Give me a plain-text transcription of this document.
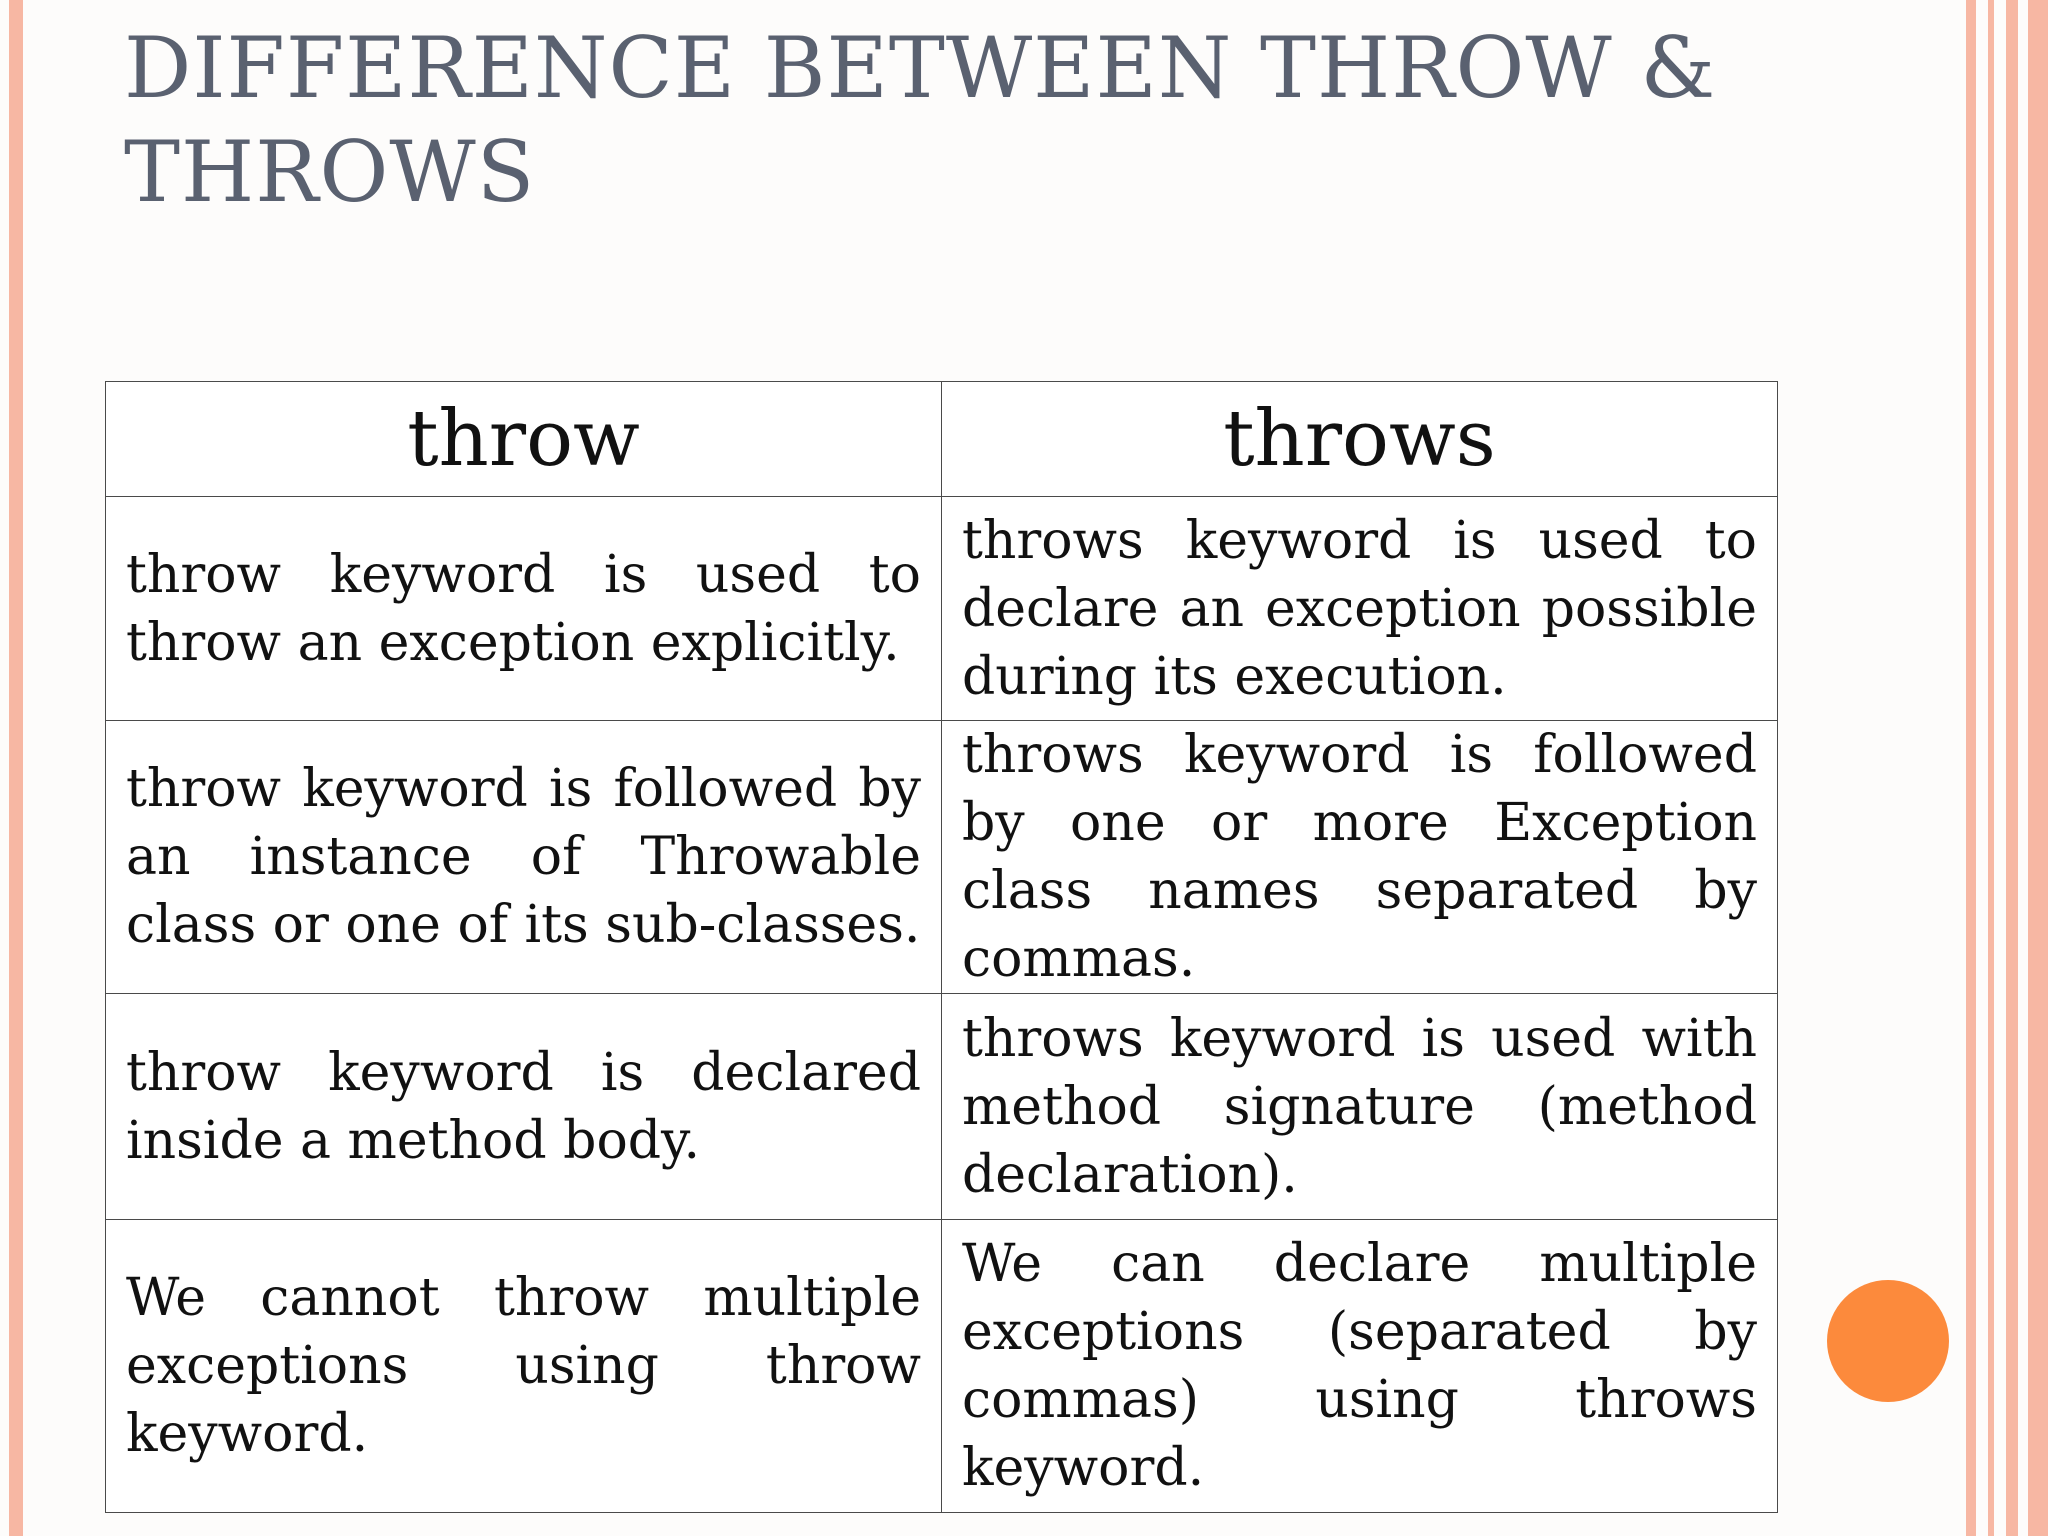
DIFFERENCE BETWEEN THROW & THROWS
throw	throws
throw keyword is used to throw an exception explicitly.	throws keyword is used to declare an exception possible during its execution.
throw keyword is followed by an instance of Throwable class or one of its sub-classes.	throws keyword is followed by one or more Exception class names separated by commas.
throw keyword is declared inside a method body.	throws keyword is used with method signature (method declaration).
We cannot throw multiple exceptions using throw keyword.	We can declare multiple exceptions (separated by commas) using throws keyword.
